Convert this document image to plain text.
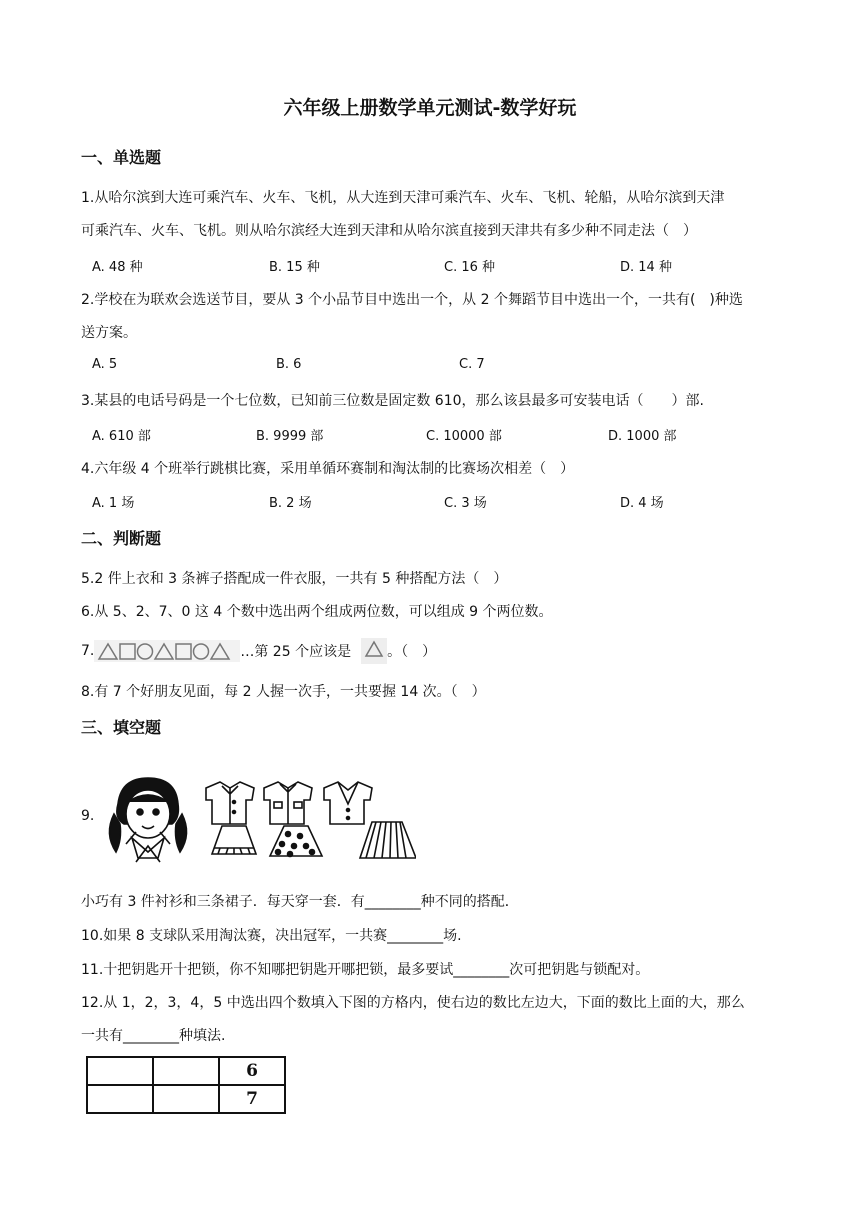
六年级上册数学单元测试-数学好玩
一、单选题
1.从哈尔滨到大连可乘汽车、火车、飞机，从大连到天津可乘汽车、火车、飞机、轮船，从哈尔滨到天津
可乘汽车、火车、飞机。则从哈尔滨经大连到天津和从哈尔滨直接到天津共有多少种不同走法（　）
A. 48 种	B. 15 种	C. 16 种	D. 14 种
2.学校在为联欢会选送节目，要从 3 个小品节目中选出一个，从 2 个舞蹈节目中选出一个，一共有(　)种选
送方案。
A. 5	B. 6	C. 7
3.某县的电话号码是一个七位数，已知前三位数是固定数 610，那么该县最多可安装电话（　　）部.
A. 610 部	B. 9999 部	C. 10000 部	D. 1000 部
4.六年级 4 个班举行跳棋比赛，采用单循环赛制和淘汰制的比赛场次相差（　）
A. 1 场	B. 2 场	C. 3 场	D. 4 场
二、判断题
5.2 件上衣和 3 条裤子搭配成一件衣服，一共有 5 种搭配方法（　）
6.从 5、2、7、0 这 4 个数中选出两个组成两位数，可以组成 9 个两位数。
7.	…第 25 个应该是	。（　）
8.有 7 个好朋友见面，每 2 人握一次手，一共要握 14 次。（　）
三、填空题
9.
小巧有 3 件衬衫和三条裙子．每天穿一套．有________种不同的搭配．
10.如果 8 支球队采用淘汰赛，决出冠军，一共赛________场.
11.十把钥匙开十把锁，你不知哪把钥匙开哪把锁，最多要试________次可把钥匙与锁配对。
12.从 1，2，3，4，5 中选出四个数填入下图的方格内，使右边的数比左边大，下面的数比上面的大，那么
一共有________种填法.
		6
		7
